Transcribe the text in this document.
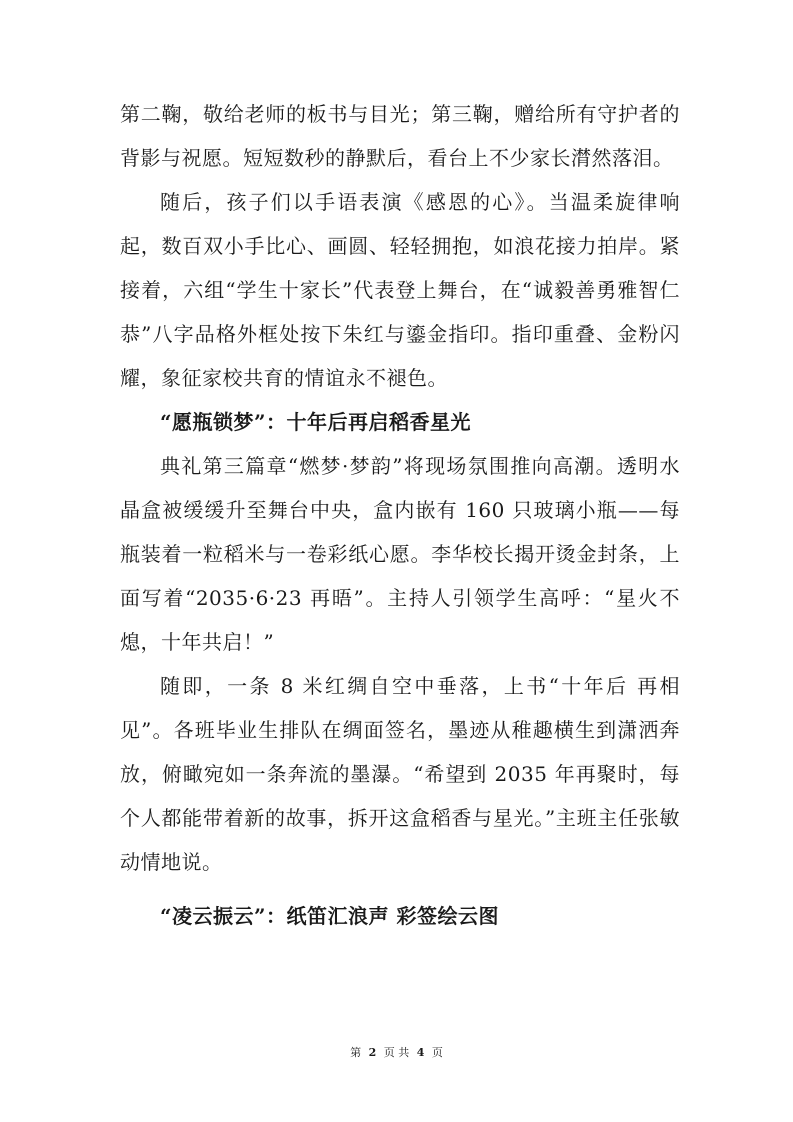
第二鞠，敬给老师的板书与目光；第三鞠，赠给所有守护者的背影与祝愿。短短数秒的静默后，看台上不少家长潸然落泪。

随后，孩子们以手语表演《感恩的心》。当温柔旋律响起，数百双小手比心、画圆、轻轻拥抱，如浪花接力拍岸。紧接着，六组“学生十家长”代表登上舞台，在“诚毅善勇雅智仁恭”八字品格外框处按下朱红与鎏金指印。指印重叠、金粉闪耀，象征家校共育的情谊永不褪色。

“愿瓶锁梦”：十年后再启稻香星光

典礼第三篇章“燃梦·梦韵”将现场氛围推向高潮。透明水晶盒被缓缓升至舞台中央，盒内嵌有 160 只玻璃小瓶——每瓶装着一粒稻米与一卷彩纸心愿。李华校长揭开烫金封条，上面写着“2035·6·23 再晤”。主持人引领学生高呼：“星火不熄，十年共启！”

随即，一条 8 米红绸自空中垂落，上书“十年后 再相见”。各班毕业生排队在绸面签名，墨迹从稚趣横生到潇洒奔放，俯瞰宛如一条奔流的墨瀑。“希望到 2035 年再聚时，每个人都能带着新的故事，拆开这盒稻香与星光。”主班主任张敏动情地说。

“凌云振云”：纸笛汇浪声 彩签绘云图

第 2 页 共 4 页
